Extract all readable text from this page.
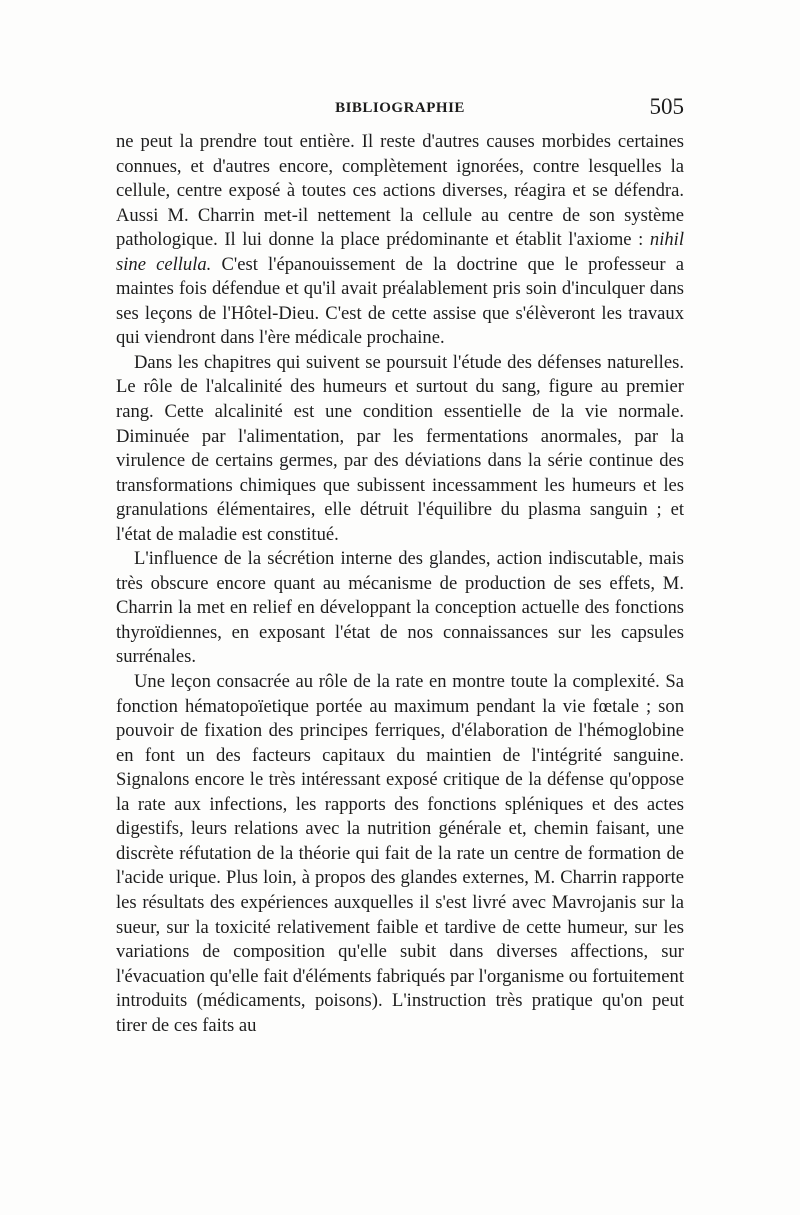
BIBLIOGRAPHIE	505

ne peut la prendre tout entière. Il reste d'autres causes morbides certaines connues, et d'autres encore, complètement ignorées, contre lesquelles la cellule, centre exposé à toutes ces actions diverses, réagira et se défendra. Aussi M. Charrin met-il nettement la cellule au centre de son système pathologique. Il lui donne la place prédominante et établit l'axiome : nihil sine cellula. C'est l'épanouissement de la doctrine que le professeur a maintes fois défendue et qu'il avait préalablement pris soin d'inculquer dans ses leçons de l'Hôtel-Dieu. C'est de cette assise que s'élèveront les travaux qui viendront dans l'ère médicale prochaine.

Dans les chapitres qui suivent se poursuit l'étude des défenses naturelles. Le rôle de l'alcalinité des humeurs et surtout du sang, figure au premier rang. Cette alcalinité est une condition essentielle de la vie normale. Diminuée par l'alimentation, par les fermentations anormales, par la virulence de certains germes, par des déviations dans la série continue des transformations chimiques que subissent incessamment les humeurs et les granulations élémentaires, elle détruit l'équilibre du plasma sanguin ; et l'état de maladie est constitué.

L'influence de la sécrétion interne des glandes, action indiscutable, mais très obscure encore quant au mécanisme de production de ses effets, M. Charrin la met en relief en développant la conception actuelle des fonctions thyroïdiennes, en exposant l'état de nos connaissances sur les capsules surrénales.

Une leçon consacrée au rôle de la rate en montre toute la complexité. Sa fonction hématopoïetique portée au maximum pendant la vie fœtale ; son pouvoir de fixation des principes ferriques, d'élaboration de l'hémoglobine en font un des facteurs capitaux du maintien de l'intégrité sanguine. Signalons encore le très intéressant exposé critique de la défense qu'oppose la rate aux infections, les rapports des fonctions spléniques et des actes digestifs, leurs relations avec la nutrition générale et, chemin faisant, une discrète réfutation de la théorie qui fait de la rate un centre de formation de l'acide urique. Plus loin, à propos des glandes externes, M. Charrin rapporte les résultats des expériences auxquelles il s'est livré avec Mavrojanis sur la sueur, sur la toxicité relativement faible et tardive de cette humeur, sur les variations de composition qu'elle subit dans diverses affections, sur l'évacuation qu'elle fait d'éléments fabriqués par l'organisme ou fortuitement introduits (médicaments, poisons). L'instruction très pratique qu'on peut tirer de ces faits au
